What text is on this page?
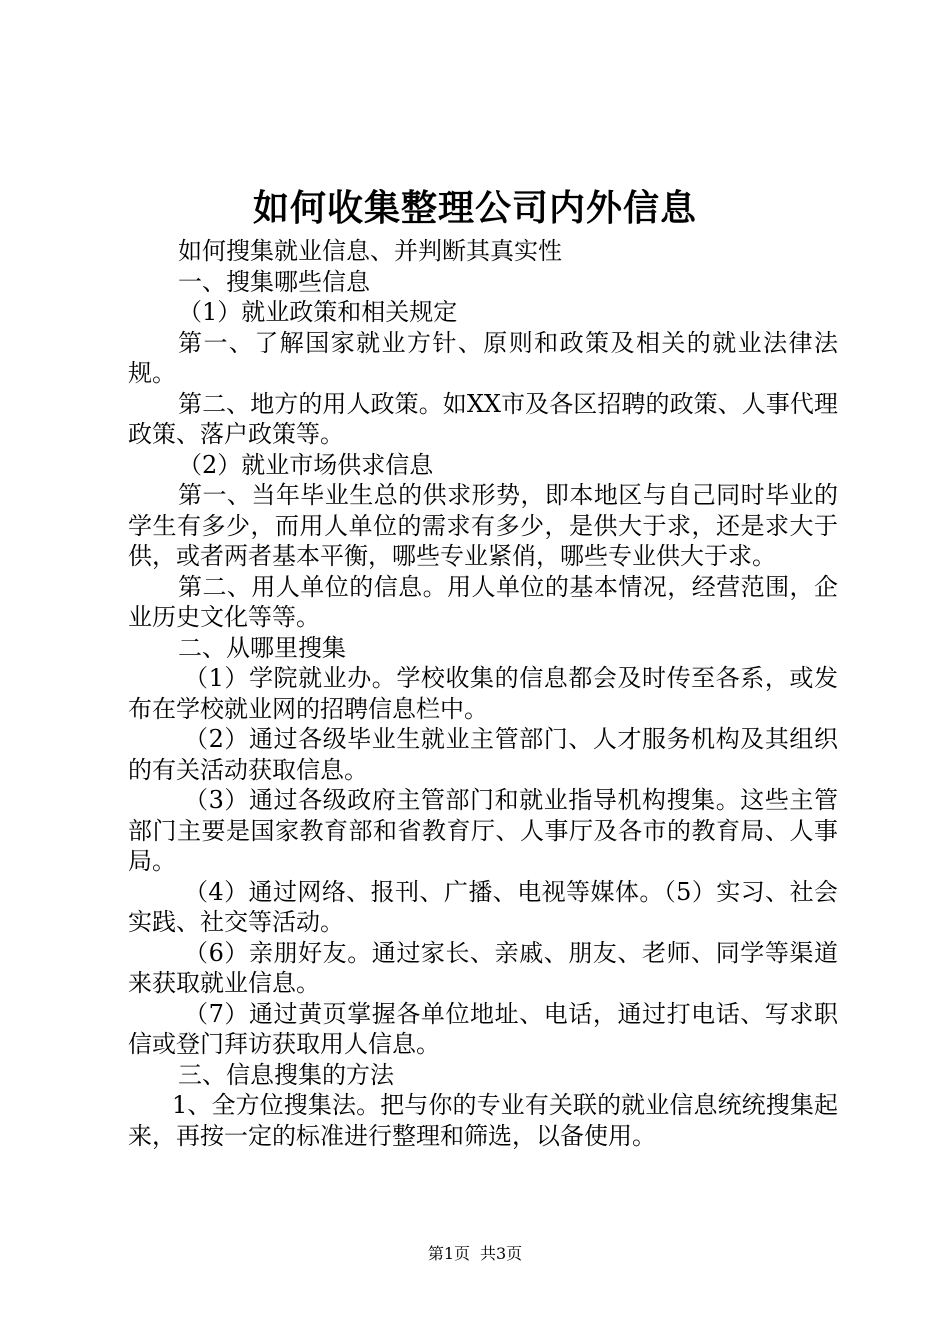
如何收集整理公司内外信息

如何搜集就业信息、并判断其真实性

一、搜集哪些信息

（1）就业政策和相关规定

第一、了解国家就业方针、原则和政策及相关的就业法律法规。

第二、地方的用人政策。如XX市及各区招聘的政策、人事代理政策、落户政策等。

（2）就业市场供求信息

第一、当年毕业生总的供求形势，即本地区与自己同时毕业的学生有多少，而用人单位的需求有多少，是供大于求，还是求大于供，或者两者基本平衡，哪些专业紧俏，哪些专业供大于求。

第二、用人单位的信息。用人单位的基本情况，经营范围，企业历史文化等等。

二、从哪里搜集

（1）学院就业办。学校收集的信息都会及时传至各系，或发布在学校就业网的招聘信息栏中。

（2）通过各级毕业生就业主管部门、人才服务机构及其组织的有关活动获取信息。

（3）通过各级政府主管部门和就业指导机构搜集。这些主管部门主要是国家教育部和省教育厅、人事厅及各市的教育局、人事局。

（4）通过网络、报刊、广播、电视等媒体。（5）实习、社会实践、社交等活动。

（6）亲朋好友。通过家长、亲戚、朋友、老师、同学等渠道来获取就业信息。

（7）通过黄页掌握各单位地址、电话，通过打电话、写求职信或登门拜访获取用人信息。

三、信息搜集的方法

1、全方位搜集法。把与你的专业有关联的就业信息统统搜集起来，再按一定的标准进行整理和筛选，以备使用。

第1页 共3页
